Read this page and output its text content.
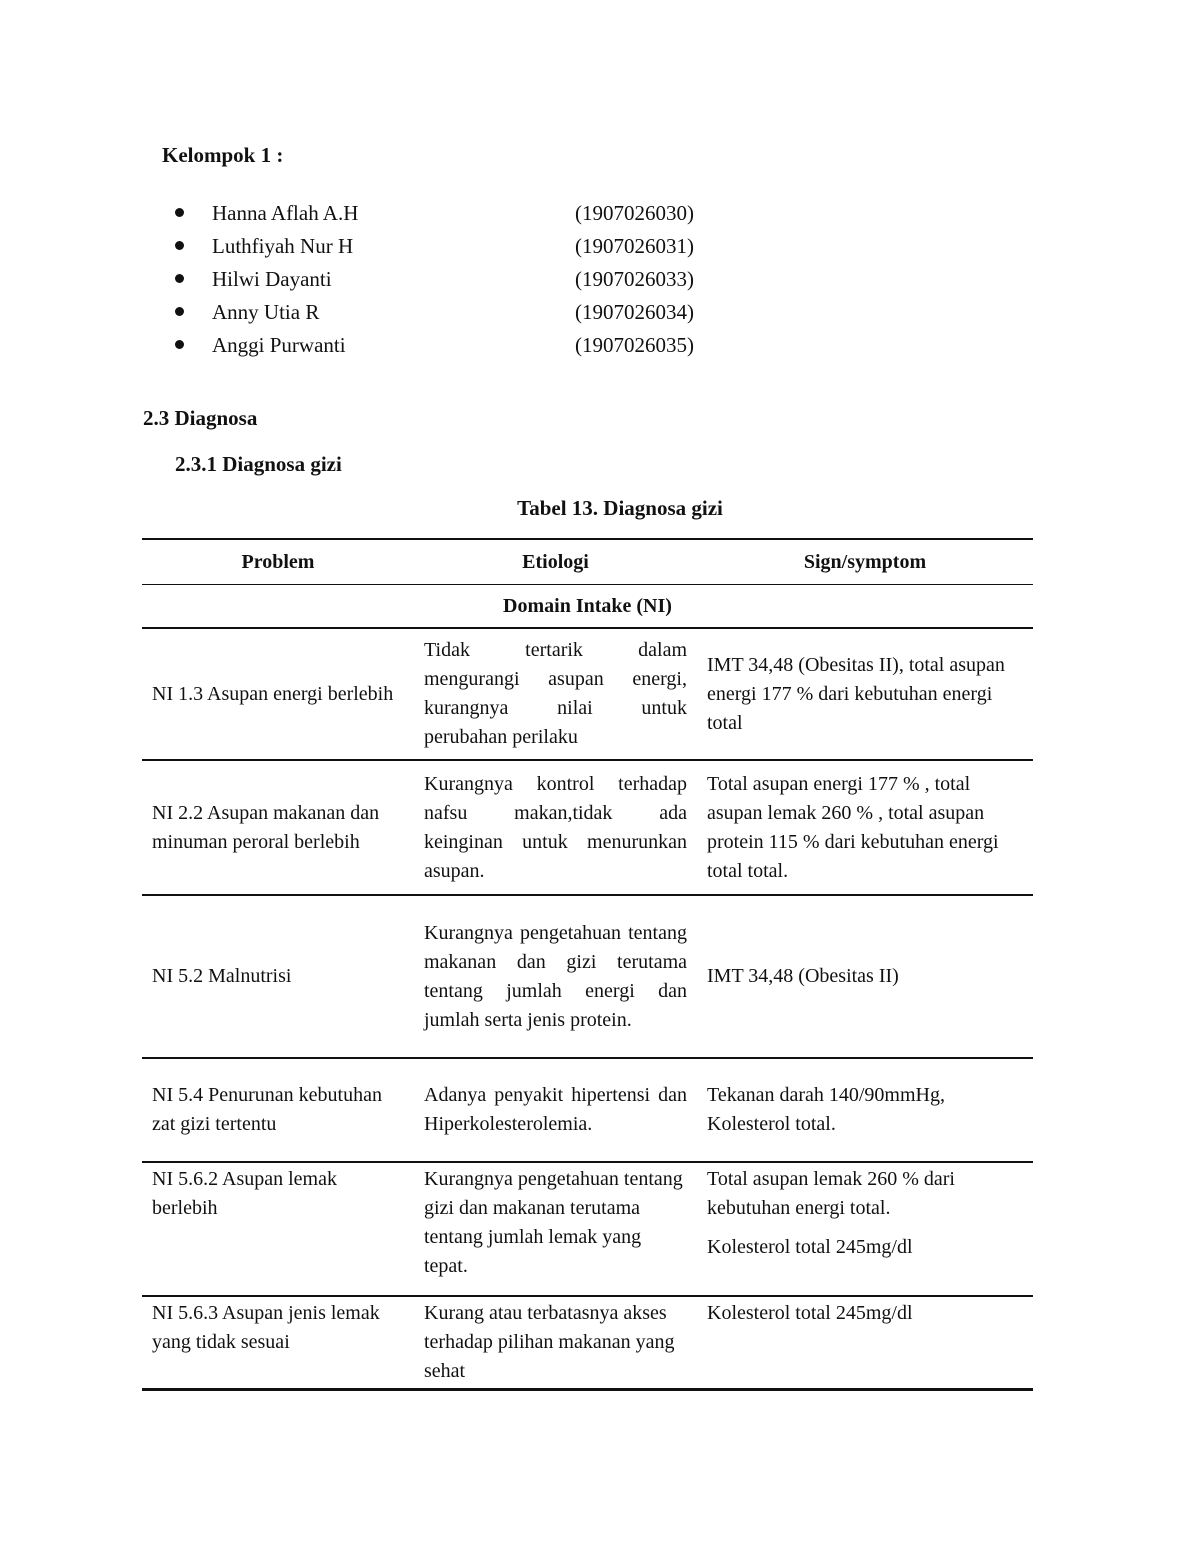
Kelompok 1 :
Hanna Aflah A.H	(1907026030)
Luthfiyah Nur H	(1907026031)
Hilwi Dayanti	(1907026033)
Anny Utia R	(1907026034)
Anggi Purwanti	(1907026035)
2.3 Diagnosa
2.3.1 Diagnosa gizi
Tabel 13. Diagnosa gizi
Problem	Etiologi	Sign/symptom
Domain Intake (NI)		
NI 1.3 Asupan energi berlebih	Tidak tertarik dalam mengurangi asupan energi, kurangnya nilai untuk perubahan perilaku	IMT 34,48 (Obesitas II), total asupan energi 177 % dari kebutuhan energi total
NI 2.2 Asupan makanan dan minuman peroral berlebih	Kurangnya kontrol terhadap nafsu makan,tidak ada keinginan untuk menurunkan asupan.	Total asupan energi 177 % , total asupan lemak 260 % , total asupan protein 115 % dari kebutuhan energi total total.
NI 5.2 Malnutrisi	Kurangnya pengetahuan tentang makanan dan gizi terutama tentang jumlah energi dan jumlah serta jenis protein.	IMT 34,48 (Obesitas II)
NI 5.4 Penurunan kebutuhan zat gizi tertentu	Adanya penyakit hipertensi dan Hiperkolesterolemia.	Tekanan darah 140/90mmHg, Kolesterol total.
NI 5.6.2 Asupan lemak berlebih	Kurangnya pengetahuan tentang gizi dan makanan terutama tentang jumlah lemak yang tepat.	Total asupan lemak 260 % dari kebutuhan energi total.
Kolesterol total 245mg/dl

NI 5.6.3 Asupan jenis lemak yang tidak sesuai	Kurang atau terbatasnya akses terhadap pilihan makanan yang sehat	Kolesterol total 245mg/dl
